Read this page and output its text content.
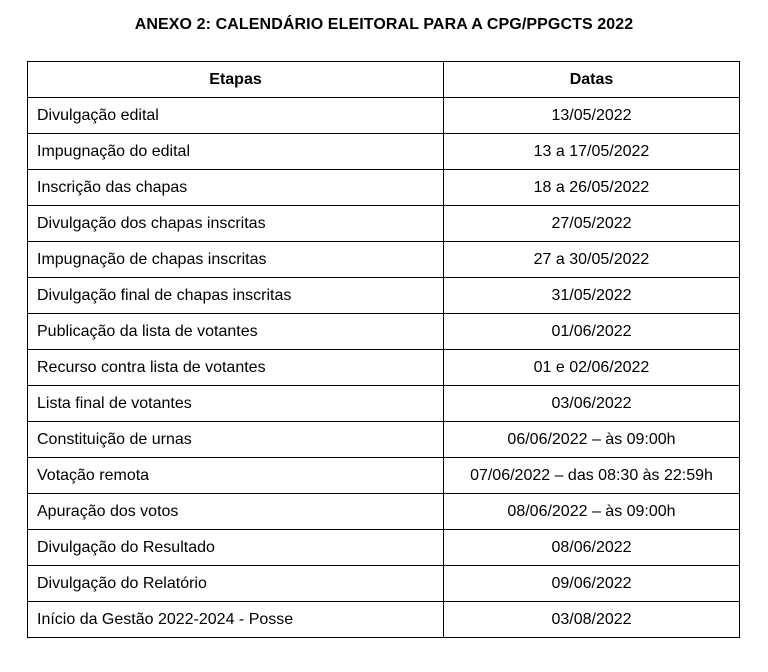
ANEXO 2: CALENDÁRIO ELEITORAL PARA A CPG/PPGCTS 2022
Etapas	Datas
Divulgação edital	13/05/2022
Impugnação do edital	13 a 17/05/2022
Inscrição das chapas	18 a 26/05/2022
Divulgação dos chapas inscritas	27/05/2022
Impugnação de chapas inscritas	27 a 30/05/2022
Divulgação final de chapas inscritas	31/05/2022
Publicação da lista de votantes	01/06/2022
Recurso contra lista de votantes	01 e 02/06/2022
Lista final de votantes	03/06/2022
Constituição de urnas	06/06/2022 – às 09:00h
Votação remota	07/06/2022 – das 08:30 às 22:59h
Apuração dos votos	08/06/2022 – às 09:00h
Divulgação do Resultado	08/06/2022
Divulgação do Relatório	09/06/2022
Início da Gestão 2022-2024 - Posse	03/08/2022
